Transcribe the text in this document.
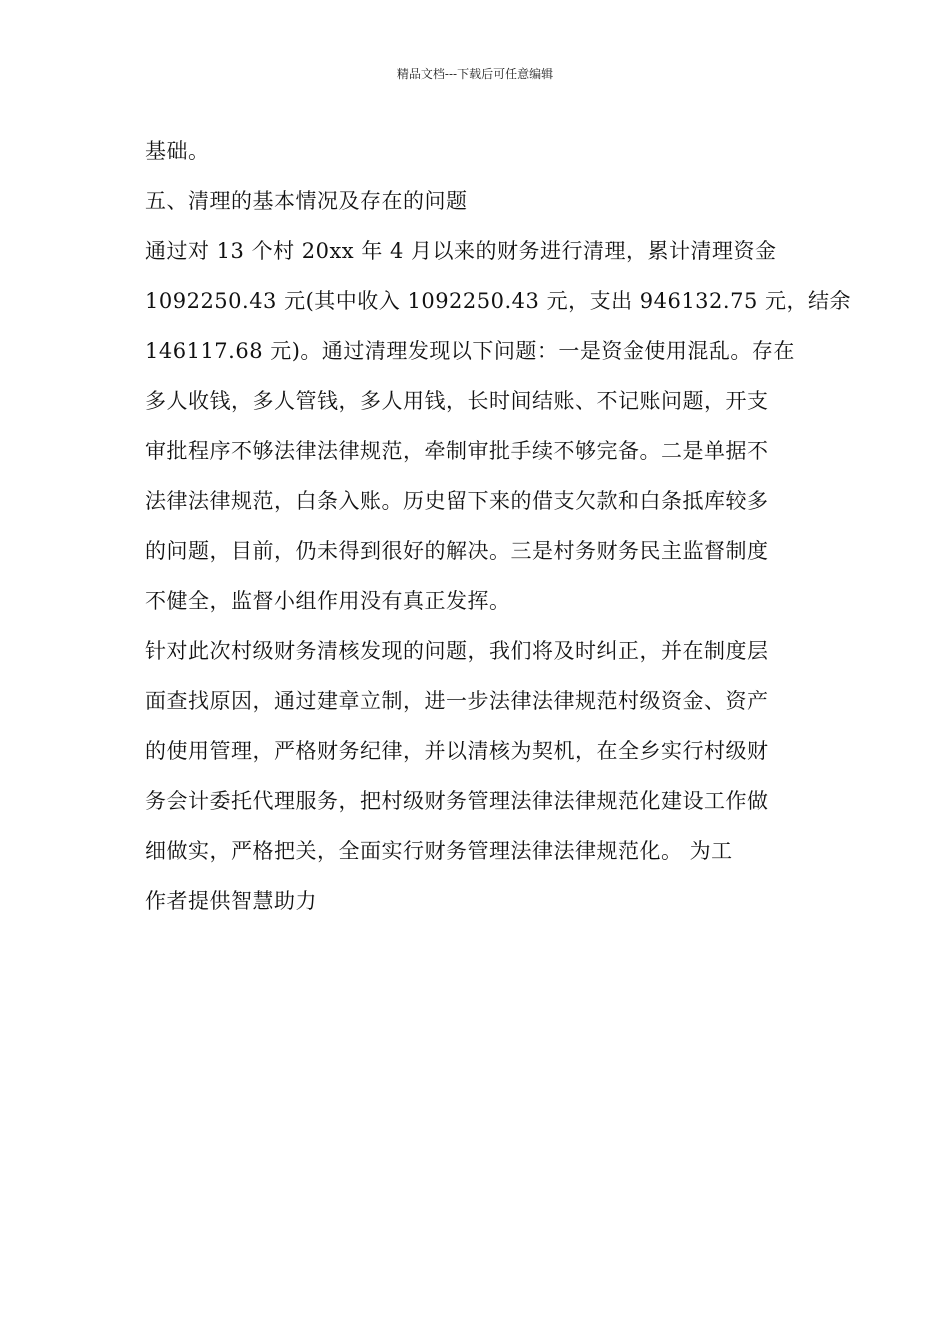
精品文档---下载后可任意编辑
基础。
五、清理的基本情况及存在的问题
通过对 13 个村 20xx 年 4 月以来的财务进行清理，累计清理资金
1092250.43 元(其中收入 1092250.43 元，支出 946132.75 元，结余
146117.68 元)。通过清理发现以下问题：一是资金使用混乱。存在
多人收钱，多人管钱，多人用钱，长时间结账、不记账问题，开支
审批程序不够法律法律规范，牵制审批手续不够完备。二是单据不
法律法律规范，白条入账。历史留下来的借支欠款和白条抵库较多
的问题，目前，仍未得到很好的解决。三是村务财务民主监督制度
不健全，监督小组作用没有真正发挥。
针对此次村级财务清核发现的问题，我们将及时纠正，并在制度层
面查找原因，通过建章立制，进一步法律法律规范村级资金、资产
的使用管理，严格财务纪律，并以清核为契机，在全乡实行村级财
务会计委托代理服务，把村级财务管理法律法律规范化建设工作做
细做实，严格把关，全面实行财务管理法律法律规范化。 为工
作者提供智慧助力
